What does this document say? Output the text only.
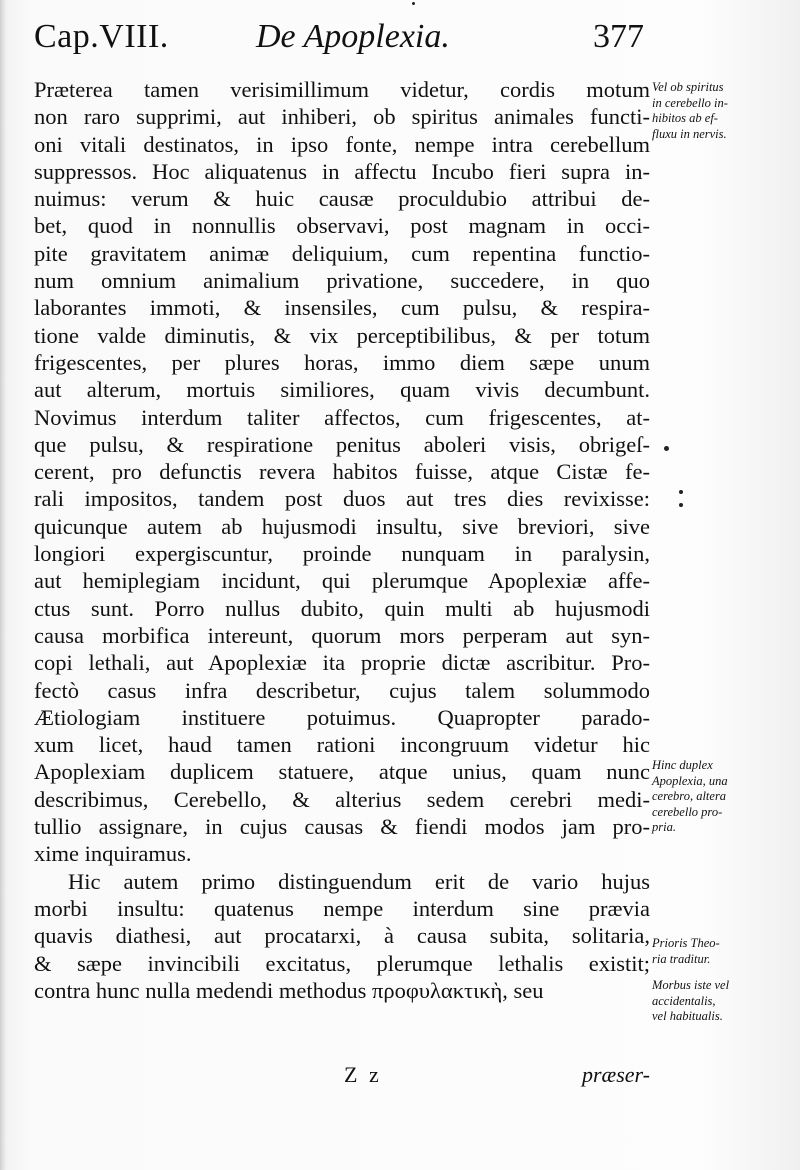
Cap.VIII.	De Apoplexia.	377
Præterea tamen verisimillimum videtur, cordis motum
non raro supprimi, aut inhiberi, ob spiritus animales functi-
oni vitali destinatos, in ipso fonte, nempe intra cerebellum
suppressos. Hoc aliquatenus in affectu Incubo fieri supra in-
nuimus: verum & huic causæ proculdubio attribui de-
bet, quod in nonnullis observavi, post magnam in occi-
pite gravitatem animæ deliquium, cum repentina functio-
num omnium animalium privatione, succedere, in quo
laborantes immoti, & insensiles, cum pulsu, & respira-
tione valde diminutis, & vix perceptibilibus, & per totum
frigescentes, per plures horas, immo diem sæpe unum
aut alterum, mortuis similiores, quam vivis decumbunt.
Novimus interdum taliter affectos, cum frigescentes, at-
que pulsu, & respiratione penitus aboleri visis, obrigeſ-
cerent, pro defunctis revera habitos fuisse, atque Cistæ fe-
rali impositos, tandem post duos aut tres dies revixisse:
quicunque autem ab hujusmodi insultu, sive breviori, sive
longiori expergiscuntur, proinde nunquam in paralysin,
aut hemiplegiam incidunt, qui plerumque Apoplexiæ affe-
ctus sunt. Porro nullus dubito, quin multi ab hujusmodi
causa morbifica intereunt, quorum mors perperam aut syn-
copi lethali, aut Apoplexiæ ita proprie dictæ ascribitur. Pro-
fectò casus infra describetur, cujus talem solummodo
Ætiologiam instituere potuimus. Quapropter parado-
xum licet, haud tamen rationi incongruum videtur hic
Apoplexiam duplicem statuere, atque unius, quam nunc
describimus, Cerebello, & alterius sedem cerebri medi-
tullio assignare, in cujus causas & fiendi modos jam pro-
xime inquiramus.
Hic autem primo distinguendum erit de vario hujus
morbi insultu: quatenus nempe interdum sine prævia
quavis diathesi, aut procatarxi, à causa subita, solitaria,
& sæpe invincibili excitatus, plerumque lethalis existit;
contra hunc nulla medendi methodus προφυλακτικὴ, seu
Vel ob spiritus
in cerebello in-
hibitos ab ef-
fluxu in nervis.
Hinc duplex
Apoplexia, una
cerebro, altera
cerebello pro-
pria.
Prioris Theo-
ria traditur.
Morbus iste vel
accidentalis,
vel habitualis.
Z z	præser-
